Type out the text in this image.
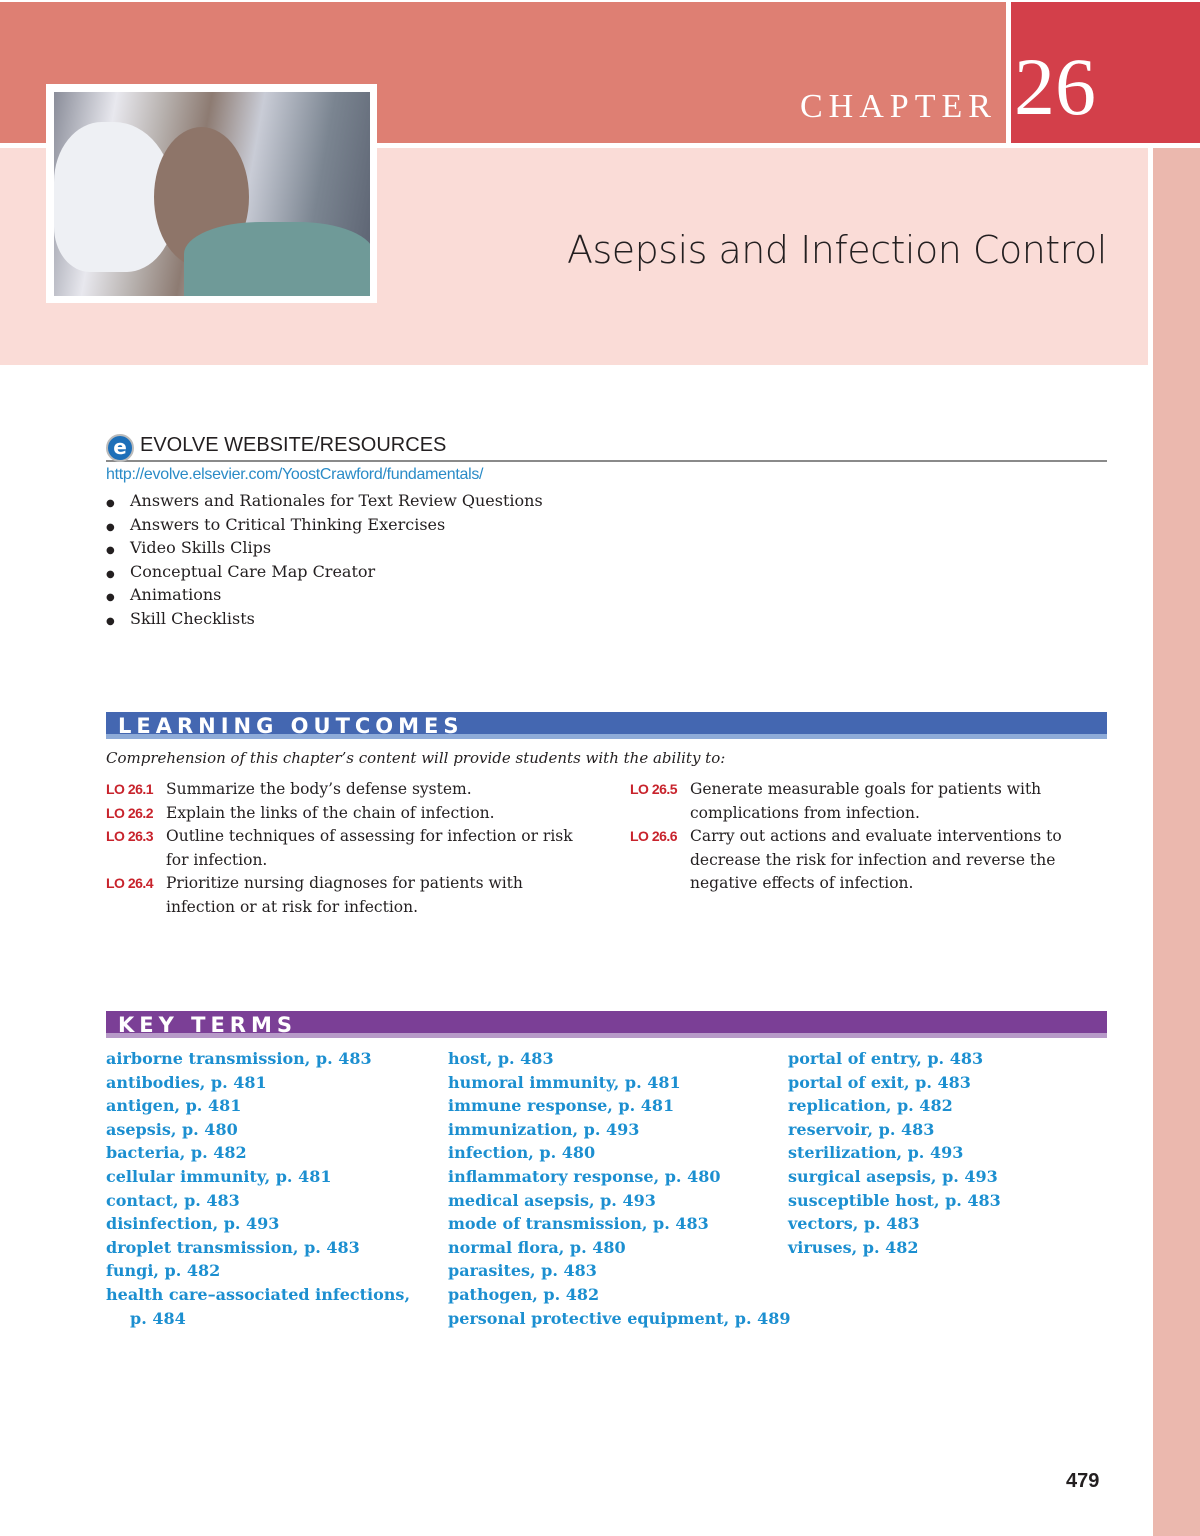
CHAPTER 26
Asepsis and Infection Control
e EVOLVE WEBSITE/RESOURCES
http://evolve.elsevier.com/YoostCrawford/fundamentals/
● Answers and Rationales for Text Review Questions
● Answers to Critical Thinking Exercises
● Video Skills Clips
● Conceptual Care Map Creator
● Animations
● Skill Checklists
LEARNING OUTCOMES
Comprehension of this chapter’s content will provide students with the ability to:
LO 26.1 Summarize the body’s defense system.
LO 26.2 Explain the links of the chain of infection.
LO 26.3 Outline techniques of assessing for infection or risk for infection.
LO 26.4 Prioritize nursing diagnoses for patients with infection or at risk for infection.
LO 26.5 Generate measurable goals for patients with complications from infection.
LO 26.6 Carry out actions and evaluate interventions to decrease the risk for infection and reverse the negative effects of infection.
KEY TERMS
airborne transmission, p. 483
antibodies, p. 481
antigen, p. 481
asepsis, p. 480
bacteria, p. 482
cellular immunity, p. 481
contact, p. 483
disinfection, p. 493
droplet transmission, p. 483
fungi, p. 482
health care–associated infections,
p. 484
host, p. 483
humoral immunity, p. 481
immune response, p. 481
immunization, p. 493
infection, p. 480
inflammatory response, p. 480
medical asepsis, p. 493
mode of transmission, p. 483
normal flora, p. 480
parasites, p. 483
pathogen, p. 482
personal protective equipment, p. 489
portal of entry, p. 483
portal of exit, p. 483
replication, p. 482
reservoir, p. 483
sterilization, p. 493
surgical asepsis, p. 493
susceptible host, p. 483
vectors, p. 483
viruses, p. 482
479
